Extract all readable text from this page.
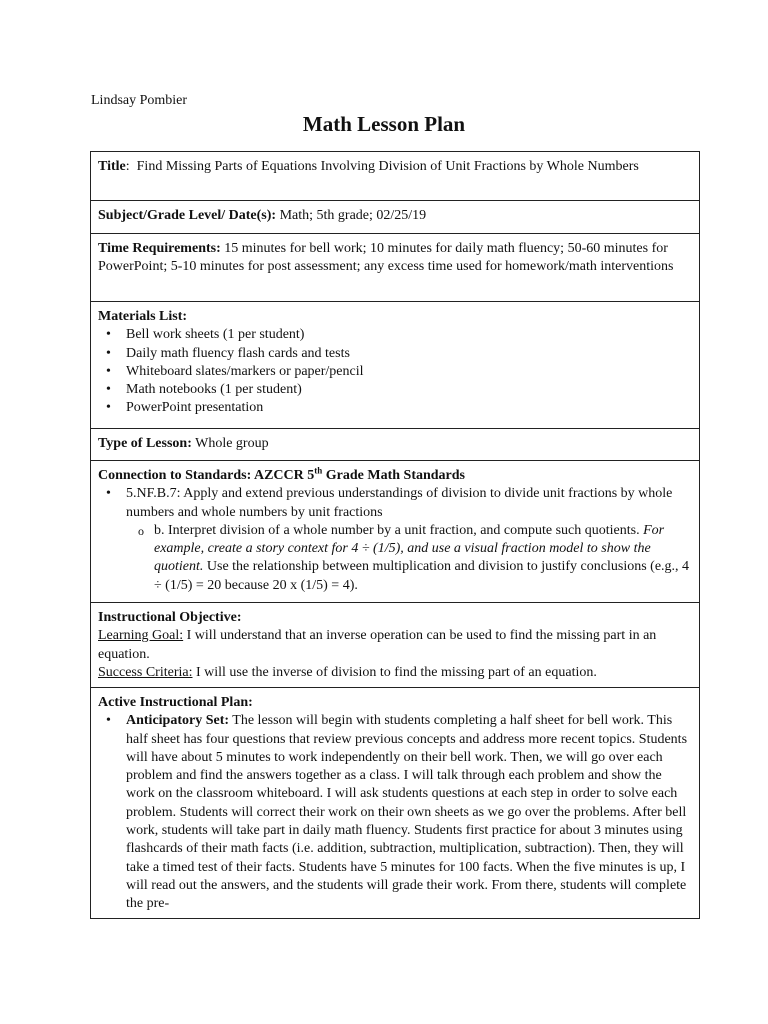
Lindsay Pombier
Math Lesson Plan
Title: Find Missing Parts of Equations Involving Division of Unit Fractions by Whole Numbers
Subject/Grade Level/ Date(s): Math; 5th grade; 02/25/19
Time Requirements: 15 minutes for bell work; 10 minutes for daily math fluency; 50-60 minutes for PowerPoint; 5-10 minutes for post assessment; any excess time used for homework/math interventions
Materials List:
• Bell work sheets (1 per student)
• Daily math fluency flash cards and tests
• Whiteboard slates/markers or paper/pencil
• Math notebooks (1 per student)
• PowerPoint presentation
Type of Lesson: Whole group
Connection to Standards: AZCCR 5th Grade Math Standards
• 5.NF.B.7: Apply and extend previous understandings of division to divide unit fractions by whole numbers and whole numbers by unit fractions
o b. Interpret division of a whole number by a unit fraction, and compute such quotients. For example, create a story context for 4 ÷ (1/5), and use a visual fraction model to show the quotient. Use the relationship between multiplication and division to justify conclusions (e.g., 4 ÷ (1/5) = 20 because 20 x (1/5) = 4).
Instructional Objective:
Learning Goal: I will understand that an inverse operation can be used to find the missing part in an equation.
Success Criteria: I will use the inverse of division to find the missing part of an equation.
Active Instructional Plan:
• Anticipatory Set: The lesson will begin with students completing a half sheet for bell work. This half sheet has four questions that review previous concepts and address more recent topics. Students will have about 5 minutes to work independently on their bell work. Then, we will go over each problem and find the answers together as a class. I will talk through each problem and show the work on the classroom whiteboard. I will ask students questions at each step in order to solve each problem. Students will correct their work on their own sheets as we go over the problems. After bell work, students will take part in daily math fluency. Students first practice for about 3 minutes using flashcards of their math facts (i.e. addition, subtraction, multiplication, subtraction). Then, they will take a timed test of their facts. Students have 5 minutes for 100 facts. When the five minutes is up, I will read out the answers, and the students will grade their work. From there, students will complete the pre-
